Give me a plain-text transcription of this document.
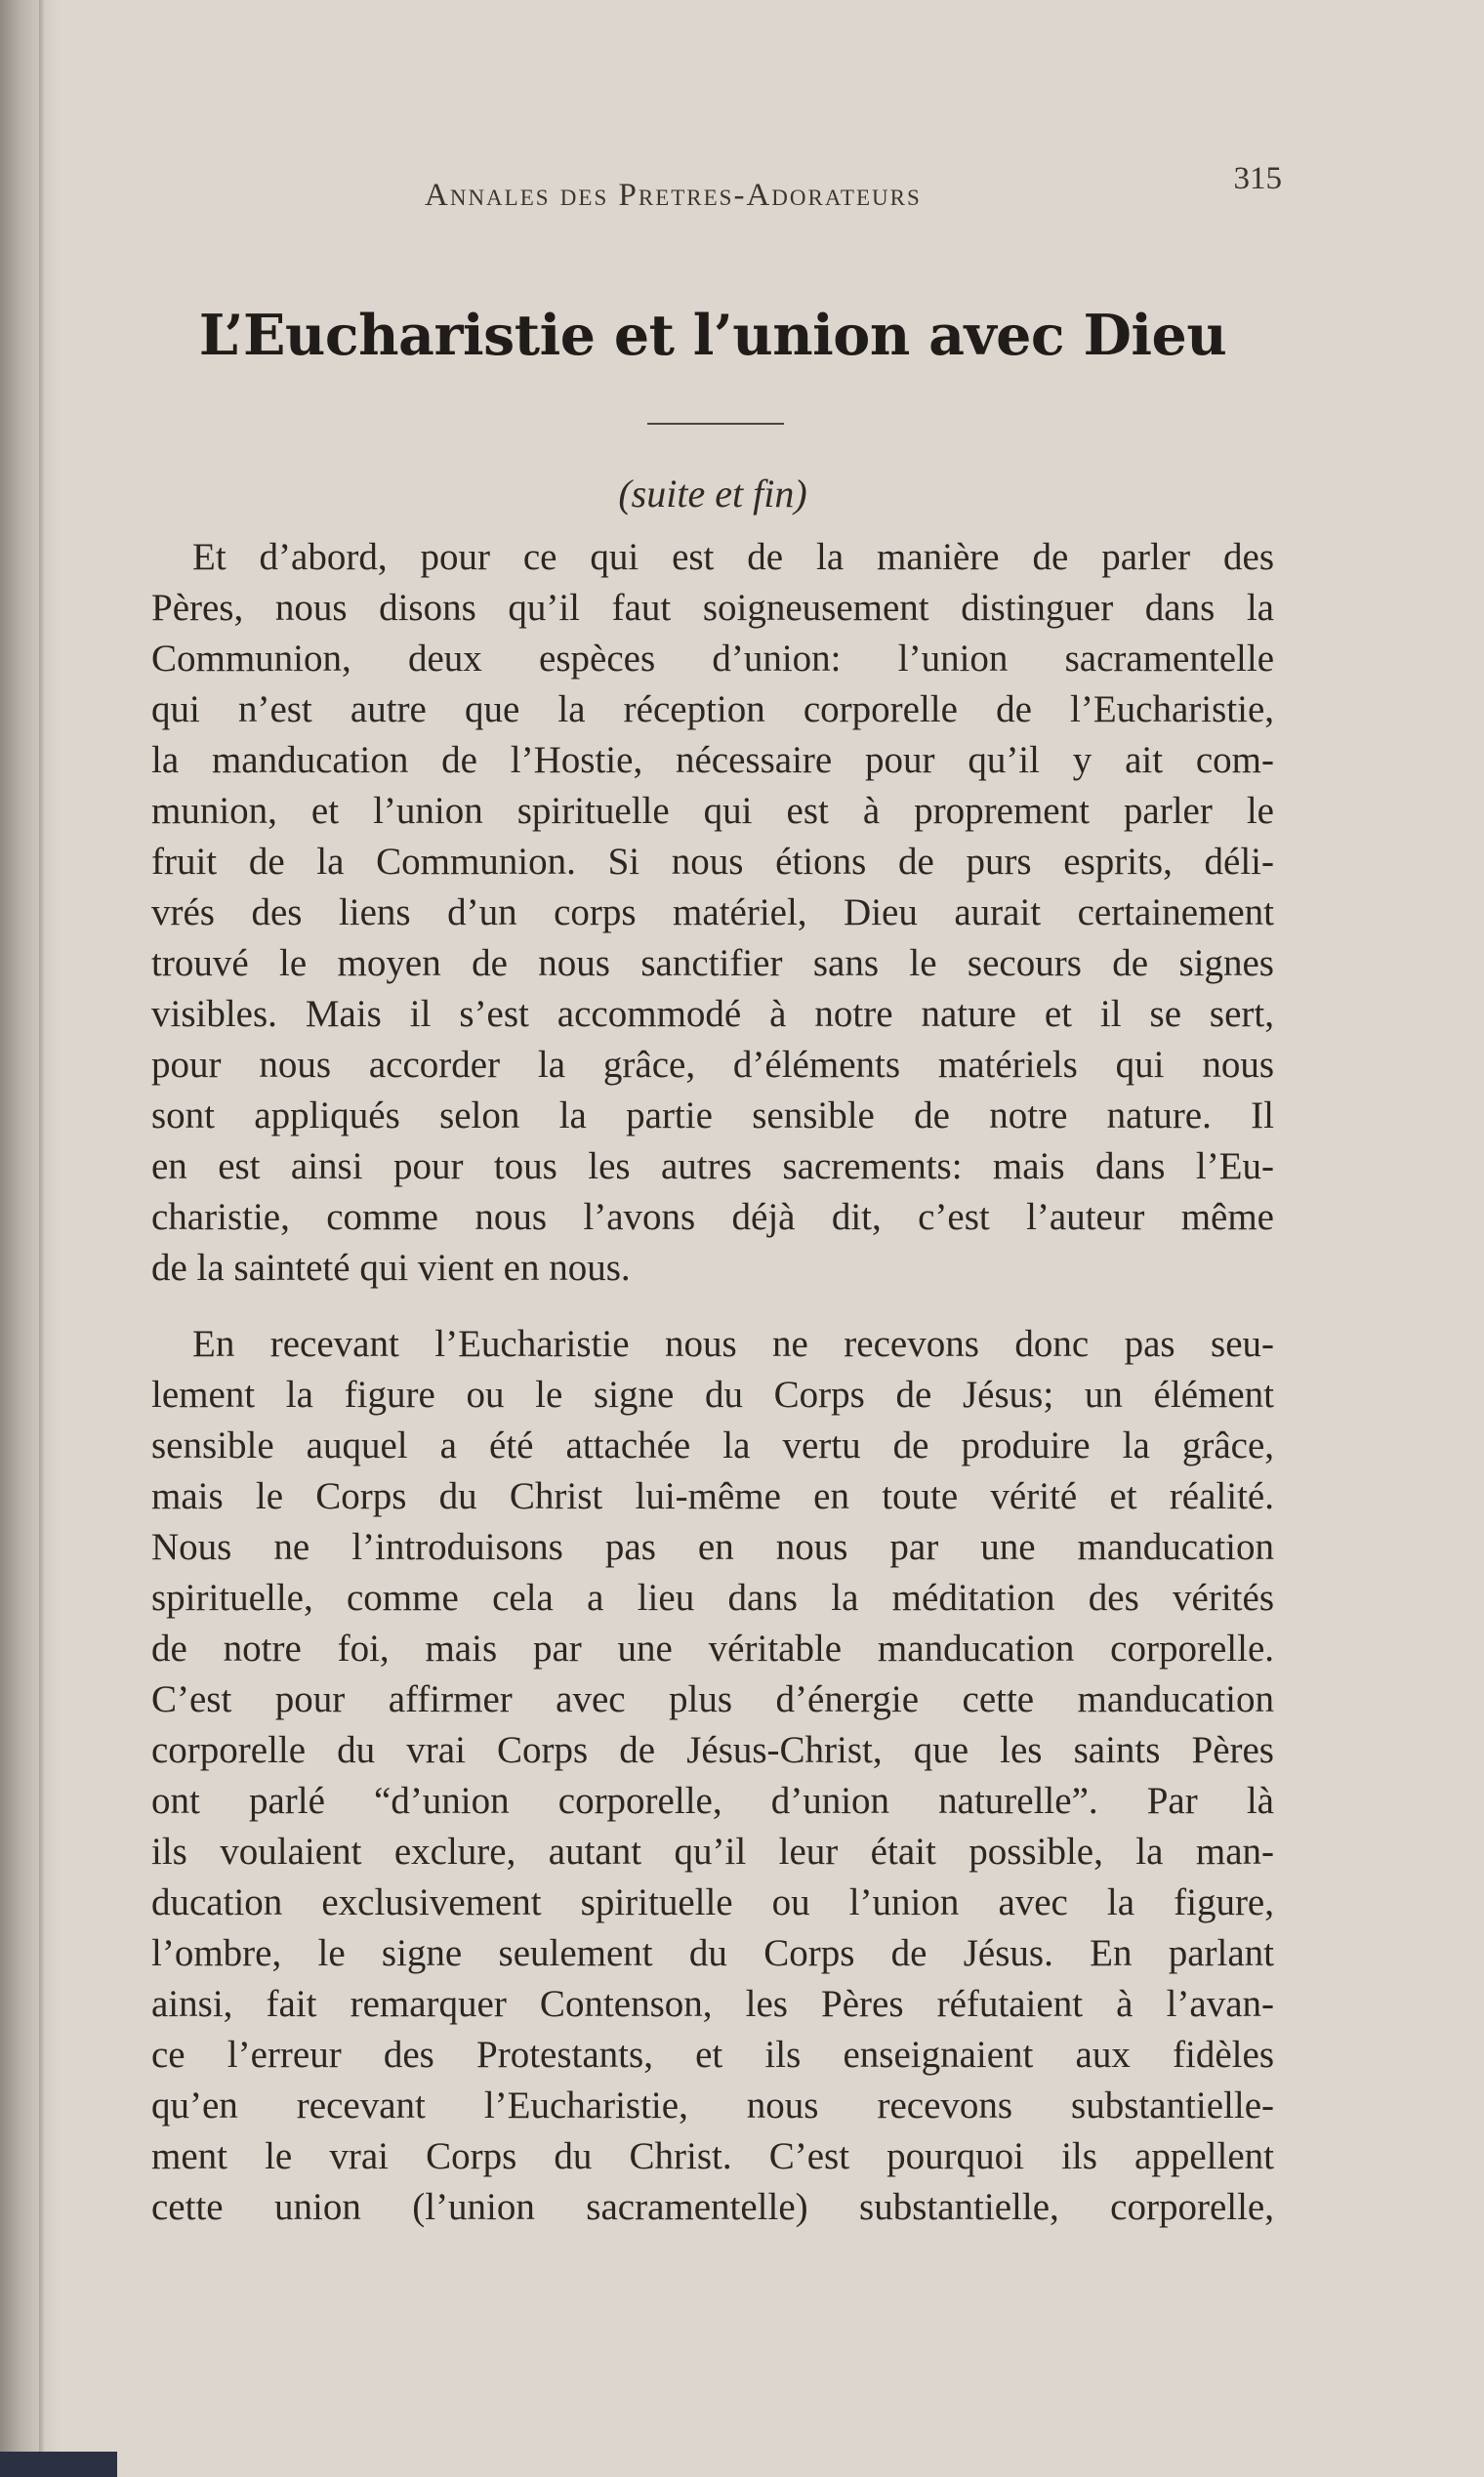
Annales des Pretres-Adorateurs	315
L’Eucharistie et l’union avec Dieu
(suite et fin)
Et d’abord, pour ce qui est de la manière de parler des
Pères, nous disons qu’il faut soigneusement distinguer dans la
Communion, deux espèces d’union: l’union sacramentelle
qui n’est autre que la réception corporelle de l’Eucharistie,
la manducation de l’Hostie, nécessaire pour qu’il y ait com-
munion, et l’union spirituelle qui est à proprement parler le
fruit de la Communion. Si nous étions de purs esprits, déli-
vrés des liens d’un corps matériel, Dieu aurait certainement
trouvé le moyen de nous sanctifier sans le secours de signes
visibles. Mais il s’est accommodé à notre nature et il se sert,
pour nous accorder la grâce, d’éléments matériels qui nous
sont appliqués selon la partie sensible de notre nature. Il
en est ainsi pour tous les autres sacrements: mais dans l’Eu-
charistie, comme nous l’avons déjà dit, c’est l’auteur même
de la sainteté qui vient en nous.
En recevant l’Eucharistie nous ne recevons donc pas seu-
lement la figure ou le signe du Corps de Jésus; un élément
sensible auquel a été attachée la vertu de produire la grâce,
mais le Corps du Christ lui-même en toute vérité et réalité.
Nous ne l’introduisons pas en nous par une manducation
spirituelle, comme cela a lieu dans la méditation des vérités
de notre foi, mais par une véritable manducation corporelle.
C’est pour affirmer avec plus d’énergie cette manducation
corporelle du vrai Corps de Jésus-Christ, que les saints Pères
ont parlé “d’union corporelle, d’union naturelle”. Par là
ils voulaient exclure, autant qu’il leur était possible, la man-
ducation exclusivement spirituelle ou l’union avec la figure,
l’ombre, le signe seulement du Corps de Jésus. En parlant
ainsi, fait remarquer Contenson, les Pères réfutaient à l’avan-
ce l’erreur des Protestants, et ils enseignaient aux fidèles
qu’en recevant l’Eucharistie, nous recevons substantielle-
ment le vrai Corps du Christ. C’est pourquoi ils appellent
cette union (l’union sacramentelle) substantielle, corporelle,
